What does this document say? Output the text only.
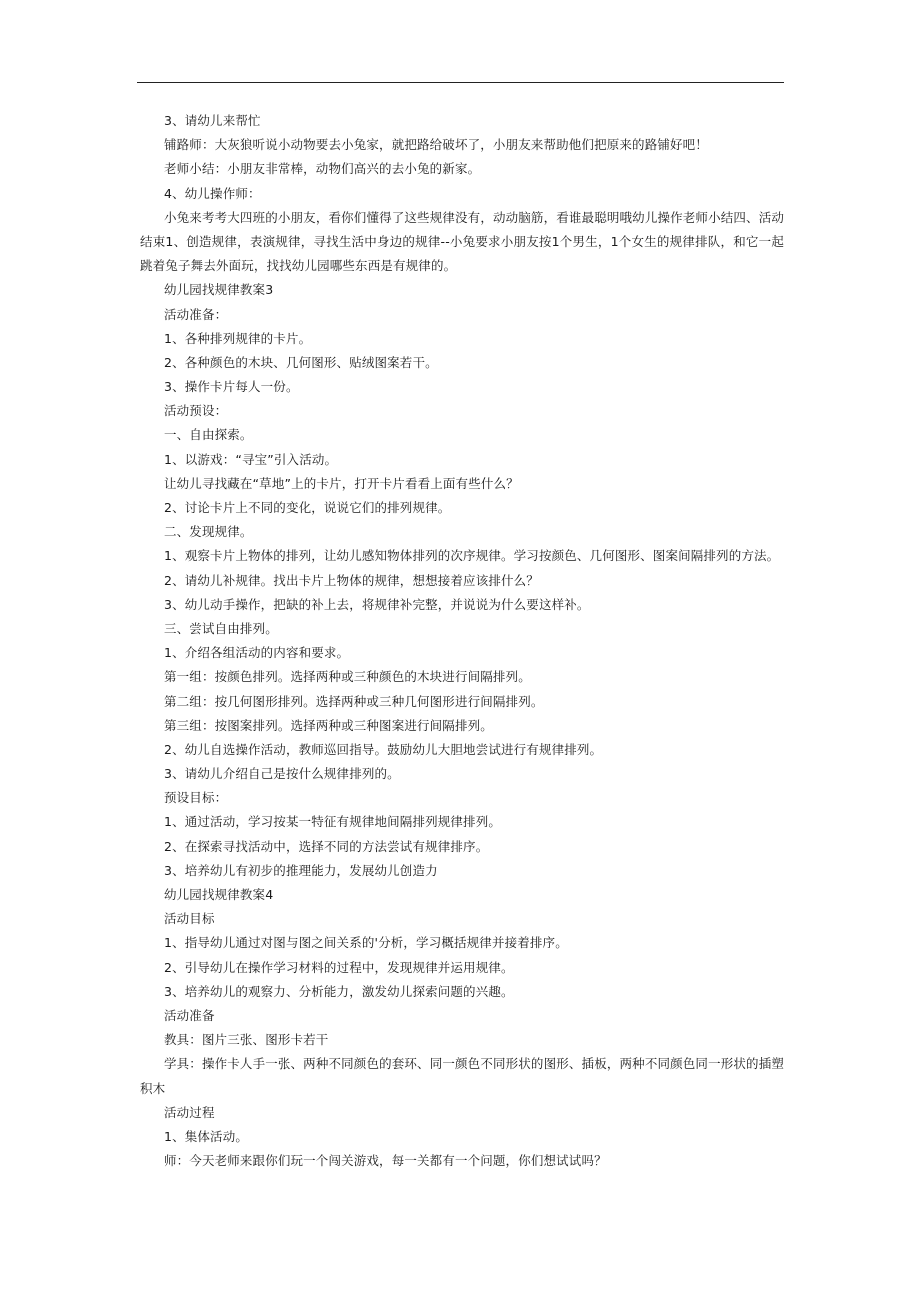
3、请幼儿来帮忙
铺路师：大灰狼听说小动物要去小兔家，就把路给破坏了，小朋友来帮助他们把原来的路铺好吧！
老师小结：小朋友非常棒，动物们高兴的去小兔的新家。
4、幼儿操作师：
小兔来考考大四班的小朋友，看你们懂得了这些规律没有，动动脑筋，看谁最聪明哦幼儿操作老师小结四、活动结束1、创造规律，表演规律，寻找生活中身边的规律--小兔要求小朋友按1个男生，1个女生的规律排队，和它一起跳着兔子舞去外面玩，找找幼儿园哪些东西是有规律的。
幼儿园找规律教案3
活动准备：
1、各种排列规律的卡片。
2、各种颜色的木块、几何图形、贴绒图案若干。
3、操作卡片每人一份。
活动预设：
一、自由探索。
1、以游戏：“寻宝”引入活动。
让幼儿寻找藏在“草地”上的卡片，打开卡片看看上面有些什么？
2、讨论卡片上不同的变化，说说它们的排列规律。
二、发现规律。
1、观察卡片上物体的排列，让幼儿感知物体排列的次序规律。学习按颜色、几何图形、图案间隔排列的方法。
2、请幼儿补规律。找出卡片上物体的规律，想想接着应该排什么？
3、幼儿动手操作，把缺的补上去，将规律补完整，并说说为什么要这样补。
三、尝试自由排列。
1、介绍各组活动的内容和要求。
第一组：按颜色排列。选择两种或三种颜色的木块进行间隔排列。
第二组：按几何图形排列。选择两种或三种几何图形进行间隔排列。
第三组：按图案排列。选择两种或三种图案进行间隔排列。
2、幼儿自选操作活动，教师巡回指导。鼓励幼儿大胆地尝试进行有规律排列。
3、请幼儿介绍自己是按什么规律排列的。
预设目标：
1、通过活动，学习按某一特征有规律地间隔排列规律排列。
2、在探索寻找活动中，选择不同的方法尝试有规律排序。
3、培养幼儿有初步的推理能力，发展幼儿创造力
幼儿园找规律教案4
活动目标
1、指导幼儿通过对图与图之间关系的'分析，学习概括规律并接着排序。
2、引导幼儿在操作学习材料的过程中，发现规律并运用规律。
3、培养幼儿的观察力、分析能力，激发幼儿探索问题的兴趣。
活动准备
教具：图片三张、图形卡若干
学具：操作卡人手一张、两种不同颜色的套环、同一颜色不同形状的图形、插板，两种不同颜色同一形状的插塑积木
活动过程
1、集体活动。
师：今天老师来跟你们玩一个闯关游戏，每一关都有一个问题，你们想试试吗？
